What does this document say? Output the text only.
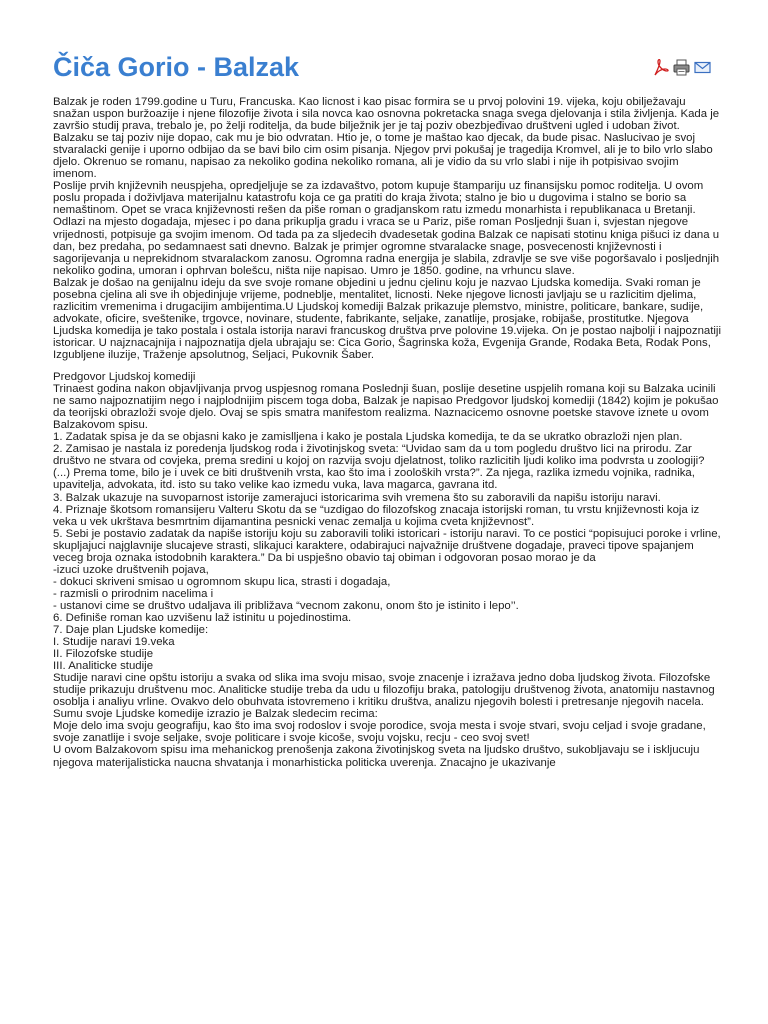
Čiča Gorio - Balzak

Balzak je roden 1799.godine u Turu, Francuska. Kao licnost i kao pisac formira se u prvoj polovini 19. vijeka, koju obilježavaju snažan uspon buržoazije i njene filozofije života i sila novca kao osnovna pokretacka snaga svega djelovanja i stila življenja. Kada je završio studij prava, trebalo je, po želji roditelja, da bude bilježnik jer je taj poziv obezbjeđivao društveni ugled i udoban život. Balzaku se taj poziv nije dopao, cak mu je bio odvratan. Htio je, o tome je maštao kao djecak, da bude pisac. Naslucivao je svoj stvaralacki genije i uporno odbijao da se bavi bilo cim osim pisanja. Njegov prvi pokušaj je tragedija Kromvel, ali je to bilo vrlo slabo djelo. Okrenuo se romanu, napisao za nekoliko godina nekoliko romana, ali je vidio da su vrlo slabi i nije ih potpisivao svojim imenom.

Poslije prvih književnih neuspjeha, opredjeljuje se za izdavaštvo, potom kupuje štampariju uz finansijsku pomoc roditelja. U ovom poslu propada i doživljava materijalnu katastrofu koja ce ga pratiti do kraja života; stalno je bio u dugovima i stalno se borio sa nemaštinom. Opet se vraca književnosti rešen da piše roman o gradjanskom ratu izmedu monarhista i republikanaca u Bretanji. Odlazi na mjesto dogadaja, mjesec i po dana prikuplja gradu i vraca se u Pariz, piše roman Posljednji šuan i, svjestan njegove vrijednosti, potpisuje ga svojim imenom. Od tada pa za sljedecih dvadesetak godina Balzak ce napisati stotinu kniga pišuci iz dana u dan, bez predaha, po sedamnaest sati dnevno. Balzak je primjer ogromne stvaralacke snage, posvecenosti književnosti i sagorijevanja u neprekidnom stvaralackom zanosu. Ogromna radna energija je slabila, zdravlje se sve više pogoršavalo i posljednjih nekoliko godina, umoran i ophrvan bolešcu, ništa nije napisao. Umro je 1850. godine, na vrhuncu slave.

Balzak je došao na genijalnu ideju da sve svoje romane objedini u jednu cjelinu koju je nazvao Ljudska komedija. Svaki roman je posebna cjelina ali sve ih objedinjuje vrijeme, podneblje, mentalitet, licnosti. Neke njegove licnosti javljaju se u razlicitim djelima, razlicitim vremenima i drugacijim ambijentima.U Ljudskoj komediji Balzak prikazuje plemstvo, ministre, politicare, bankare, sudije, advokate, oficire, sveštenike, trgovce, novinare, studente, fabrikante, seljake, zanatlije, prosjake, robijaše, prostitutke. Njegova Ljudska komedija je tako postala i ostala istorija naravi francuskog društva prve polovine 19.vijeka. On je postao najbolji i najpoznatiji istoricar. U najznacajnija i najpoznatija djela ubrajaju se: Cica Gorio, Šagrinska koža, Evgenija Grande, Rodaka Beta, Rodak Pons, Izgubljene iluzije, Traženje apsolutnog, Seljaci, Pukovnik Šaber.

Predgovor Ljudskoj komediji

Trinaest godina nakon objavljivanja prvog uspjesnog romana Poslednji šuan, poslije desetine uspjelih romana koji su Balzaka ucinili ne samo najpoznatijim nego i najplodnijim piscem toga doba, Balzak je napisao Predgovor ljudskoj komediji (1842) kojim je pokušao da teorijski obrazloži svoje djelo. Ovaj se spis smatra manifestom realizma. Naznacicemo osnovne poetske stavove iznete u ovom Balzakovom spisu.

1. Zadatak spisa je da se objasni kako je zamislljena i kako je postala Ljudska komedija, te da se ukratko obrazloži njen plan.

2. Zamisao je nastala iz poredenja ljudskog roda i životinjskog sveta: “Uvidao sam da u tom pogledu društvo lici na prirodu. Zar društvo ne stvara od covjeka, prema sredini u kojoj on razvija svoju djelatnost, toliko razlicitih ljudi koliko ima podvrsta u zoologiji? (...) Prema tome, bilo je i uvek ce biti društvenih vrsta, kao što ima i zooloških vrsta?”. Za njega, razlika izmedu vojnika, radnika, upavitelja, advokata, itd. isto su tako velike kao izmedu vuka, lava magarca, gavrana itd.

3. Balzak ukazuje na suvoparnost istorije zameraju​ci istoricarima svih vremena što su zaboravili da napišu istoriju naravi.

4. Priznaje škotsom romansijeru Valteru Skotu da se “uzdigao do filozofskog znacaja istorijski roman, tu vrstu književnosti koja iz veka u vek ukrštava besmrtnim dijamantina pesnicki venac zemalja u kojima cveta književnost”.

5. Sebi je postavio zadatak da napiše istoriju koju su zaboravili toliki istoricari - istoriju naravi. To ce postici “popisujuci poroke i vrline, skupljajuci najglavnije slucajeve strasti, slikajuci karaktere, odabirajuci najvažnije društvene dogadaje, praveci tipove spajanjem veceg broja oznaka istodobnih karaktera.” Da bi uspješno obavio taj obiman i odgovoran posao morao je da

-izuci uzoke društvenih pojava,

- dokuci skriveni smisao u ogromnom skupu lica, strasti i dogadaja,

- razmisli o prirodnim nacelima i

- ustanovi cime se društvo udaljava ili približava “vecnom zakonu, onom što je istinito i lepo’’.

6. Definiše roman kao uzvišenu laž istinitu u pojedinostima.

7. Daje plan Ljudske komedije:

I. Studije naravi 19.veka

II. Filozofske studije

III. Analiticke studije

Studije naravi cine opštu istoriju a svaka od slika ima svoju misao, svoje znacenje i izražava jedno doba ljudskog života. Filozofske studije prikazuju društvenu moc. Analiticke studije treba da udu u filozofiju braka, patologiju društvenog života, anatomiju nastavnog osoblja i analiyu vrline. Ovakvo delo obuhvata istovremeno i kritiku društva, analizu njegovih bolesti i pretresanje njegovih nacela.

Sumu svoje Ljudske komedije izrazio je Balzak sledecim recima:

Moje delo ima svoju geografiju, kao što ima svoj rodoslov i svoje porodice, svoja mesta i svoje stvari, svoju celjad i svoje gradane, svoje zanatlije i svoje seljake, svoje politicare i svoje kicoše, svoju vojsku, recju - ceo svoj svet!

U ovom Balzakovom spisu ima mehanickog prenošenja zakona životinjskog sveta na ljudsko društvo, sukobljavaju se i iskljucuju njegova materijalisticka naucna shvatanja i monarhisticka politicka uverenja. Znacajno je ukazivanje
